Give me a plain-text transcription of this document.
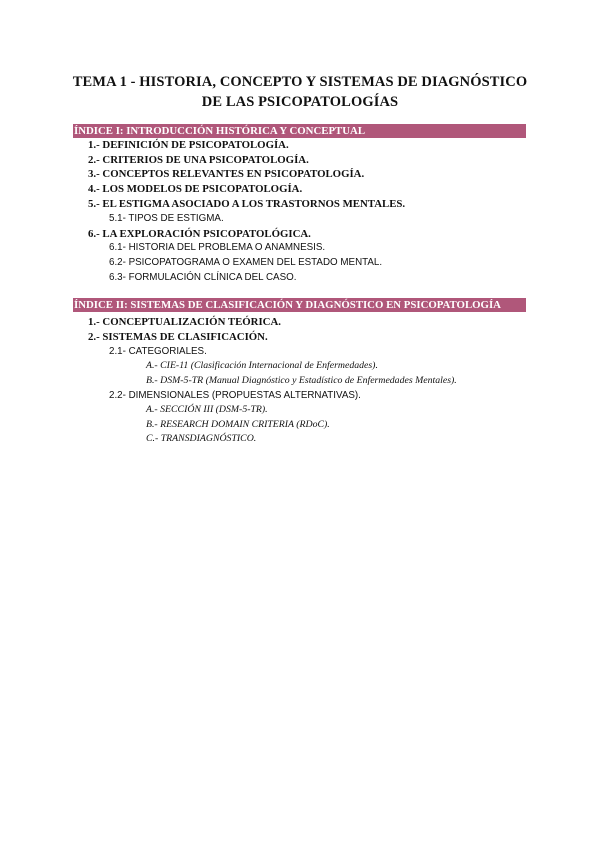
TEMA 1 - HISTORIA, CONCEPTO Y SISTEMAS DE DIAGNÓSTICO
DE LAS PSICOPATOLOGÍAS
ÍNDICE I: INTRODUCCIÓN HISTÓRICA Y CONCEPTUAL
1.- DEFINICIÓN DE PSICOPATOLOGÍA.
2.- CRITERIOS DE UNA PSICOPATOLOGÍA.
3.- CONCEPTOS RELEVANTES EN PSICOPATOLOGÍA.
4.- LOS MODELOS DE PSICOPATOLOGÍA.
5.- EL ESTIGMA ASOCIADO A LOS TRASTORNOS MENTALES.
5.1- TIPOS DE ESTIGMA.
6.- LA EXPLORACIÓN PSICOPATOLÓGICA.
6.1- HISTORIA DEL PROBLEMA O ANAMNESIS.
6.2- PSICOPATOGRAMA O EXAMEN DEL ESTADO MENTAL.
6.3- FORMULACIÓN CLÍNICA DEL CASO.
ÍNDICE II: SISTEMAS DE CLASIFICACIÓN Y DIAGNÓSTICO EN PSICOPATOLOGÍA
1.- CONCEPTUALIZACIÓN TEÓRICA.
2.- SISTEMAS DE CLASIFICACIÓN.
2.1- CATEGORIALES.
A.- CIE-11 (Clasificación Internacional de Enfermedades).
B.- DSM-5-TR (Manual Diagnóstico y Estadístico de Enfermedades Mentales).
2.2- DIMENSIONALES (PROPUESTAS ALTERNATIVAS).
A.- SECCIÓN III (DSM-5-TR).
B.- RESEARCH DOMAIN CRITERIA (RDoC).
C.- TRANSDIAGNÓSTICO.
